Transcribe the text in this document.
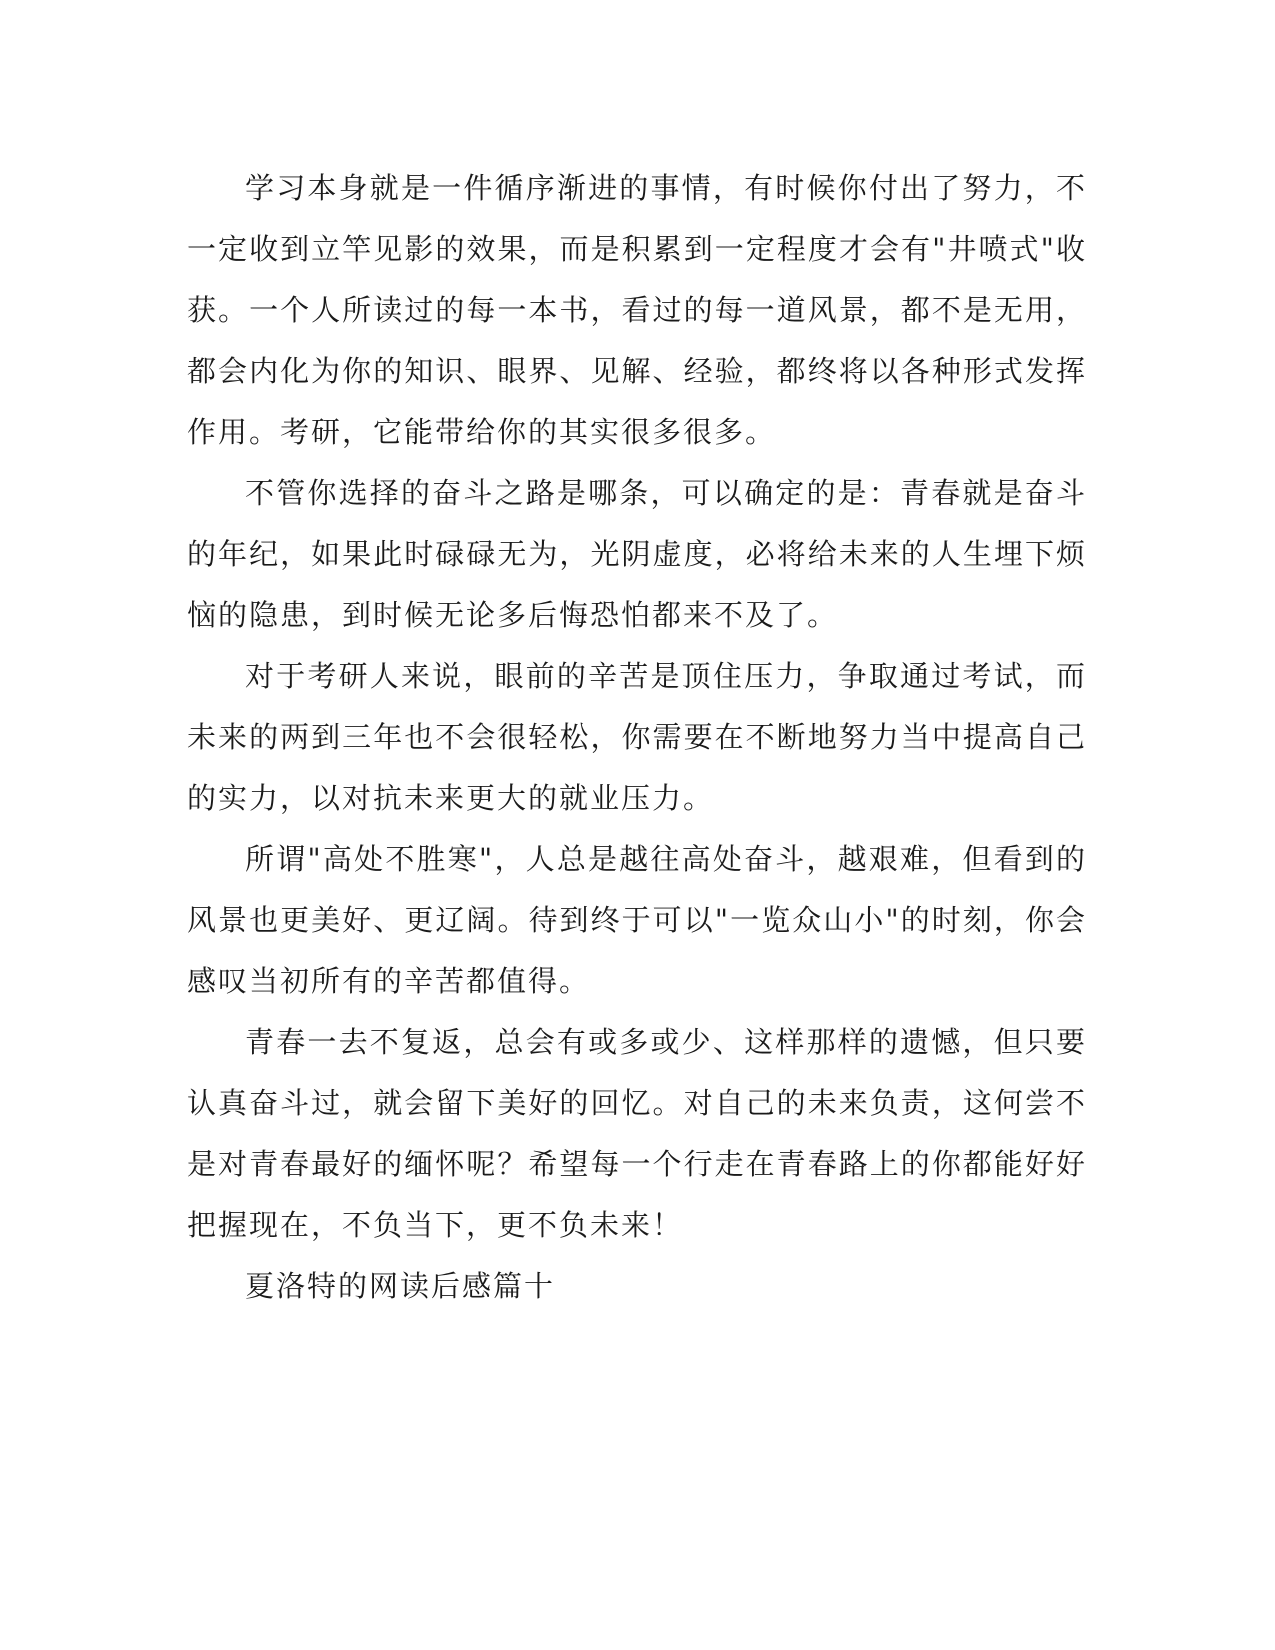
学习本身就是一件循序渐进的事情，有时候你付出了努力，不一定收到立竿见影的效果，而是积累到一定程度才会有"井喷式"收获。一个人所读过的每一本书，看过的每一道风景，都不是无用，都会内化为你的知识、眼界、见解、经验，都终将以各种形式发挥作用。考研，它能带给你的其实很多很多。

不管你选择的奋斗之路是哪条，可以确定的是：青春就是奋斗的年纪，如果此时碌碌无为，光阴虚度，必将给未来的人生埋下烦恼的隐患，到时候无论多后悔恐怕都来不及了。

对于考研人来说，眼前的辛苦是顶住压力，争取通过考试，而未来的两到三年也不会很轻松，你需要在不断地努力当中提高自己的实力，以对抗未来更大的就业压力。

所谓"高处不胜寒"，人总是越往高处奋斗，越艰难，但看到的风景也更美好、更辽阔。待到终于可以"一览众山小"的时刻，你会感叹当初所有的辛苦都值得。

青春一去不复返，总会有或多或少、这样那样的遗憾，但只要认真奋斗过，就会留下美好的回忆。对自己的未来负责，这何尝不是对青春最好的缅怀呢？希望每一个行走在青春路上的你都能好好把握现在，不负当下，更不负未来！

夏洛特的网读后感篇十
